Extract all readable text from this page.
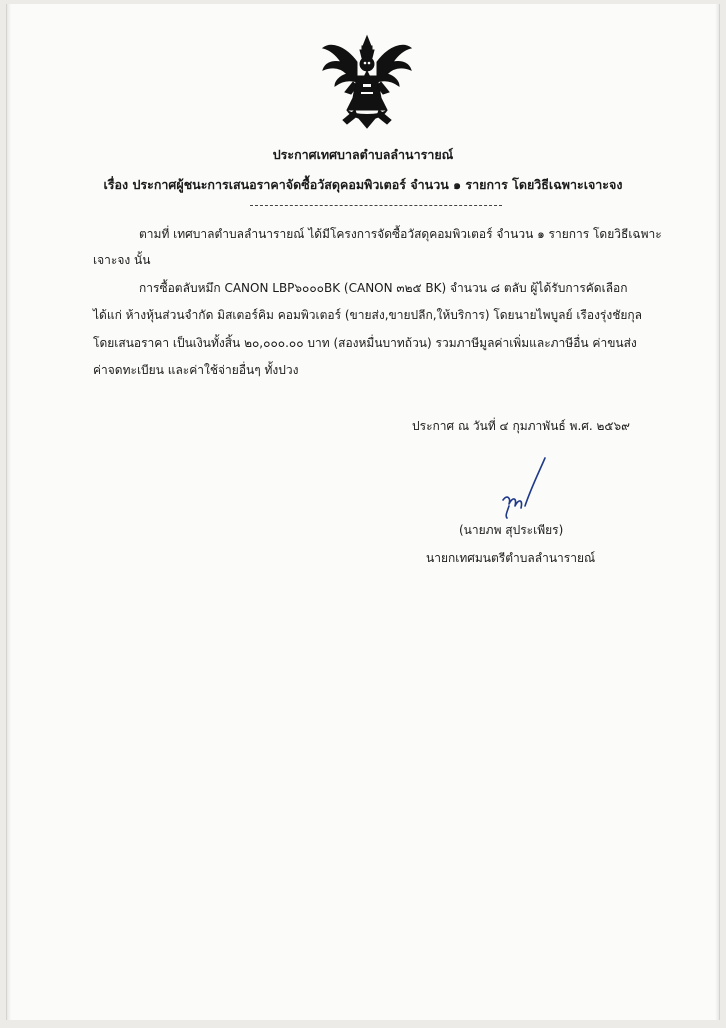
ประกาศเทศบาลตำบลลำนารายณ์
เรื่อง ประกาศผู้ชนะการเสนอราคาจัดซื้อวัสดุคอมพิวเตอร์ จำนวน ๑ รายการ โดยวิธีเฉพาะเจาะจง
ตามที่ เทศบาลตำบลลำนารายณ์ ได้มีโครงการจัดซื้อวัสดุคอมพิวเตอร์ จำนวน ๑ รายการ โดยวิธีเฉพาะ
เจาะจง นั้น
การซื้อตลับหมึก CANON LBP๖๐๐๐BK (CANON ๓๒๕ BK) จำนวน ๘ ตลับ ผู้ได้รับการคัดเลือก
ได้แก่ ห้างหุ้นส่วนจำกัด มิสเตอร์คิม คอมพิวเตอร์ (ขายส่ง,ขายปลีก,ให้บริการ) โดยนายไพบูลย์ เรืองรุ่งชัยกุล
โดยเสนอราคา เป็นเงินทั้งสิ้น ๒๐,๐๐๐.๐๐ บาท (สองหมื่นบาทถ้วน) รวมภาษีมูลค่าเพิ่มและภาษีอื่น ค่าขนส่ง
ค่าจดทะเบียน และค่าใช้จ่ายอื่นๆ ทั้งปวง
ประกาศ ณ วันที่ ๔ กุมภาพันธ์ พ.ศ. ๒๕๖๙
(นายภพ สุประเพียร)
นายกเทศมนตรีตำบลลำนารายณ์
